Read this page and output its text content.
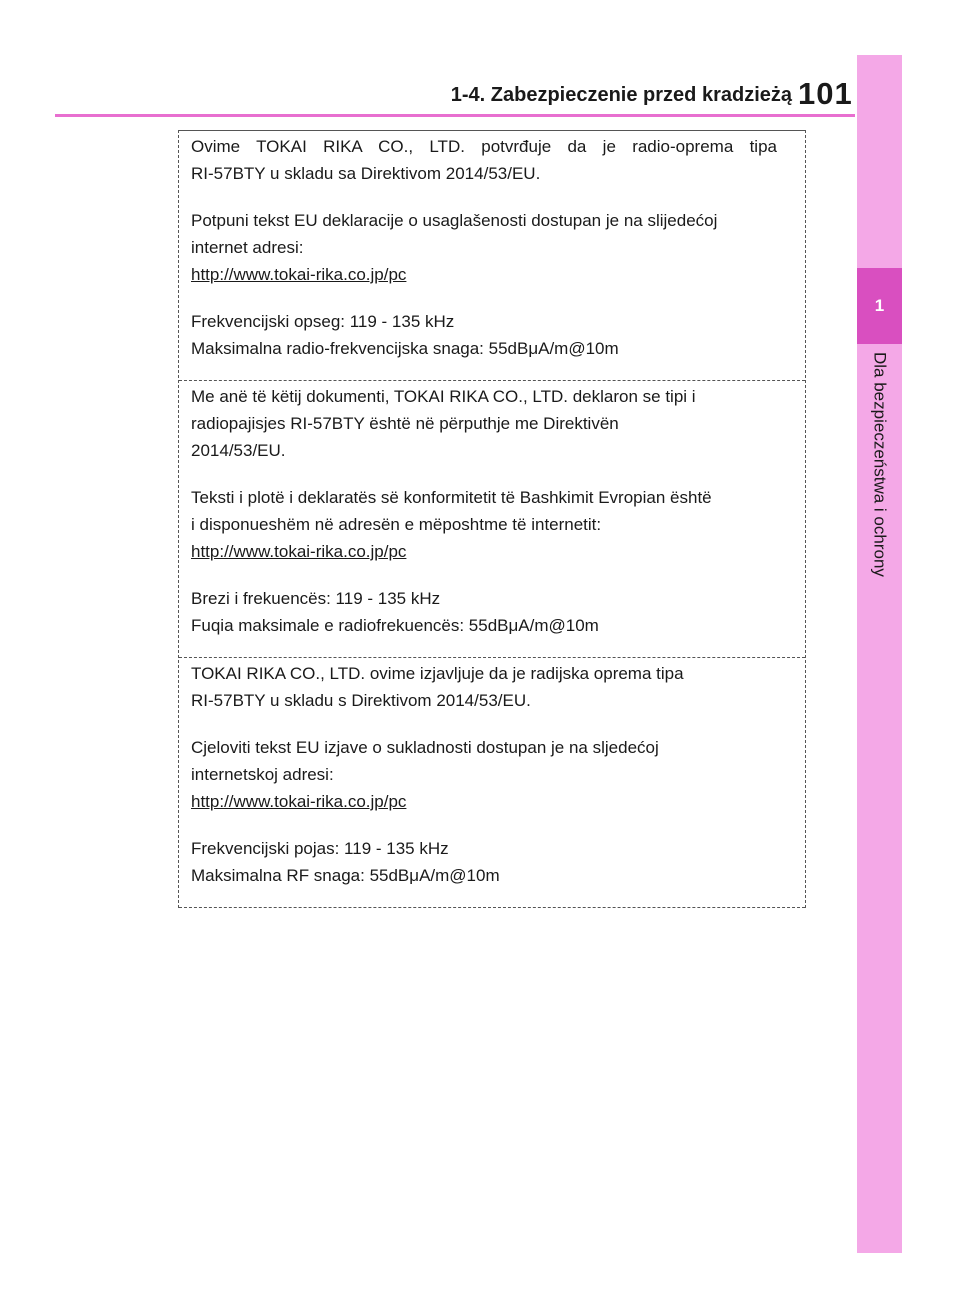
1-4. Zabezpieczenie przed kradzieżą 101
1
Dla bezpieczeństwa i ochrony

Ovime TOKAI RIKA CO., LTD. potvrđuje da je radio-oprema tipa

RI-57BTY u skladu sa Direktivom 2014/53/EU.

Potpuni tekst EU deklaracije o usaglašenosti dostupan je na slijedećoj

internet adresi:

http://www.tokai-rika.co.jp/pc

Frekvencijski opseg: 119 - 135 kHz

Maksimalna radio-frekvencijska snaga: 55dBμA/m@10m

Me anë të këtij dokumenti, TOKAI RIKA CO., LTD. deklaron se tipi i

radiopajisjes RI-57BTY është në përputhje me Direktivën

2014/53/EU.

Teksti i plotë i deklaratës së konformitetit të Bashkimit Evropian është

i disponueshëm në adresën e mëposhtme të internetit:

http://www.tokai-rika.co.jp/pc

Brezi i frekuencës: 119 - 135 kHz

Fuqia maksimale e radiofrekuencës: 55dBμA/m@10m

TOKAI RIKA CO., LTD. ovime izjavljuje da je radijska oprema tipa

RI-57BTY u skladu s Direktivom 2014/53/EU.

Cjeloviti tekst EU izjave o sukladnosti dostupan je na sljedećoj

internetskoj adresi:

http://www.tokai-rika.co.jp/pc

Frekvencijski pojas: 119 - 135 kHz

Maksimalna RF snaga: 55dBμA/m@10m
